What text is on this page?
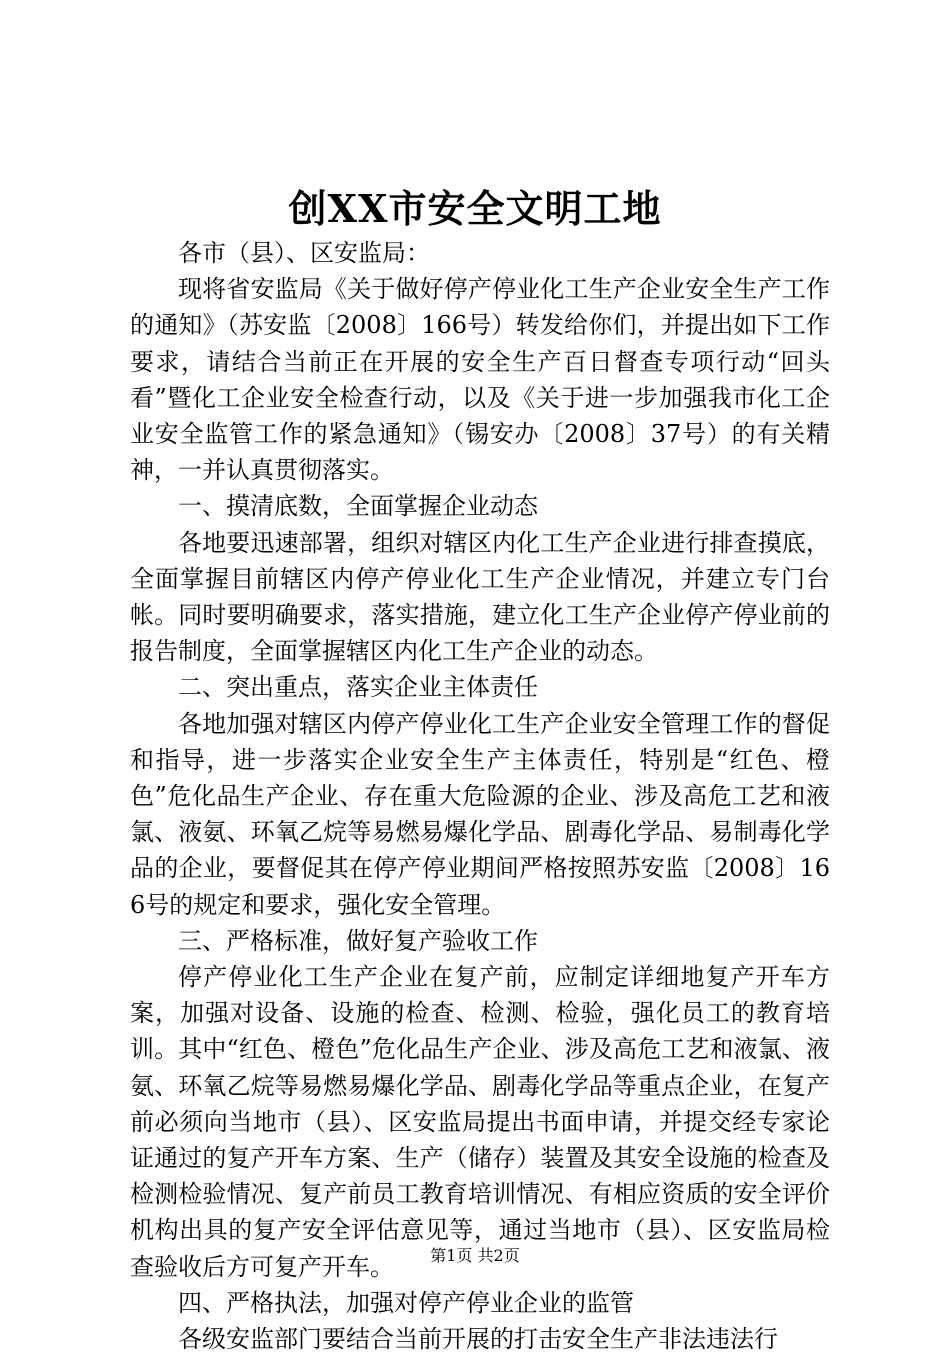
创XX市安全文明工地

各市（县）、区安监局：

现将省安监局《关于做好停产停业化工生产企业安全生产工作的通知》（苏安监〔2008〕166号）转发给你们，并提出如下工作要求，请结合当前正在开展的安全生产百日督查专项行动“回头看”暨化工企业安全检查行动，以及《关于进一步加强我市化工企业安全监管工作的紧急通知》（锡安办〔2008〕37号）的有关精神，一并认真贯彻落实。

一、摸清底数，全面掌握企业动态

各地要迅速部署，组织对辖区内化工生产企业进行排查摸底，全面掌握目前辖区内停产停业化工生产企业情况，并建立专门台帐。同时要明确要求，落实措施，建立化工生产企业停产停业前的报告制度，全面掌握辖区内化工生产企业的动态。

二、突出重点，落实企业主体责任

各地加强对辖区内停产停业化工生产企业安全管理工作的督促和指导，进一步落实企业安全生产主体责任，特别是“红色、橙色”危化品生产企业、存在重大危险源的企业、涉及高危工艺和液氯、液氨、环氧乙烷等易燃易爆化学品、剧毒化学品、易制毒化学品的企业，要督促其在停产停业期间严格按照苏安监〔2008〕166号的规定和要求，强化安全管理。

三、严格标准，做好复产验收工作

停产停业化工生产企业在复产前，应制定详细地复产开车方案，加强对设备、设施的检查、检测、检验，强化员工的教育培训。其中“红色、橙色”危化品生产企业、涉及高危工艺和液氯、液氨、环氧乙烷等易燃易爆化学品、剧毒化学品等重点企业，在复产前必须向当地市（县）、区安监局提出书面申请，并提交经专家论证通过的复产开车方案、生产（储存）装置及其安全设施的检查及检测检验情况、复产前员工教育培训情况、有相应资质的安全评价机构出具的复产安全评估意见等，通过当地市（县）、区安监局检查验收后方可复产开车。

四、严格执法，加强对停产停业企业的监管

各级安监部门要结合当前开展的打击安全生产非法违法行

第1页 共2页
